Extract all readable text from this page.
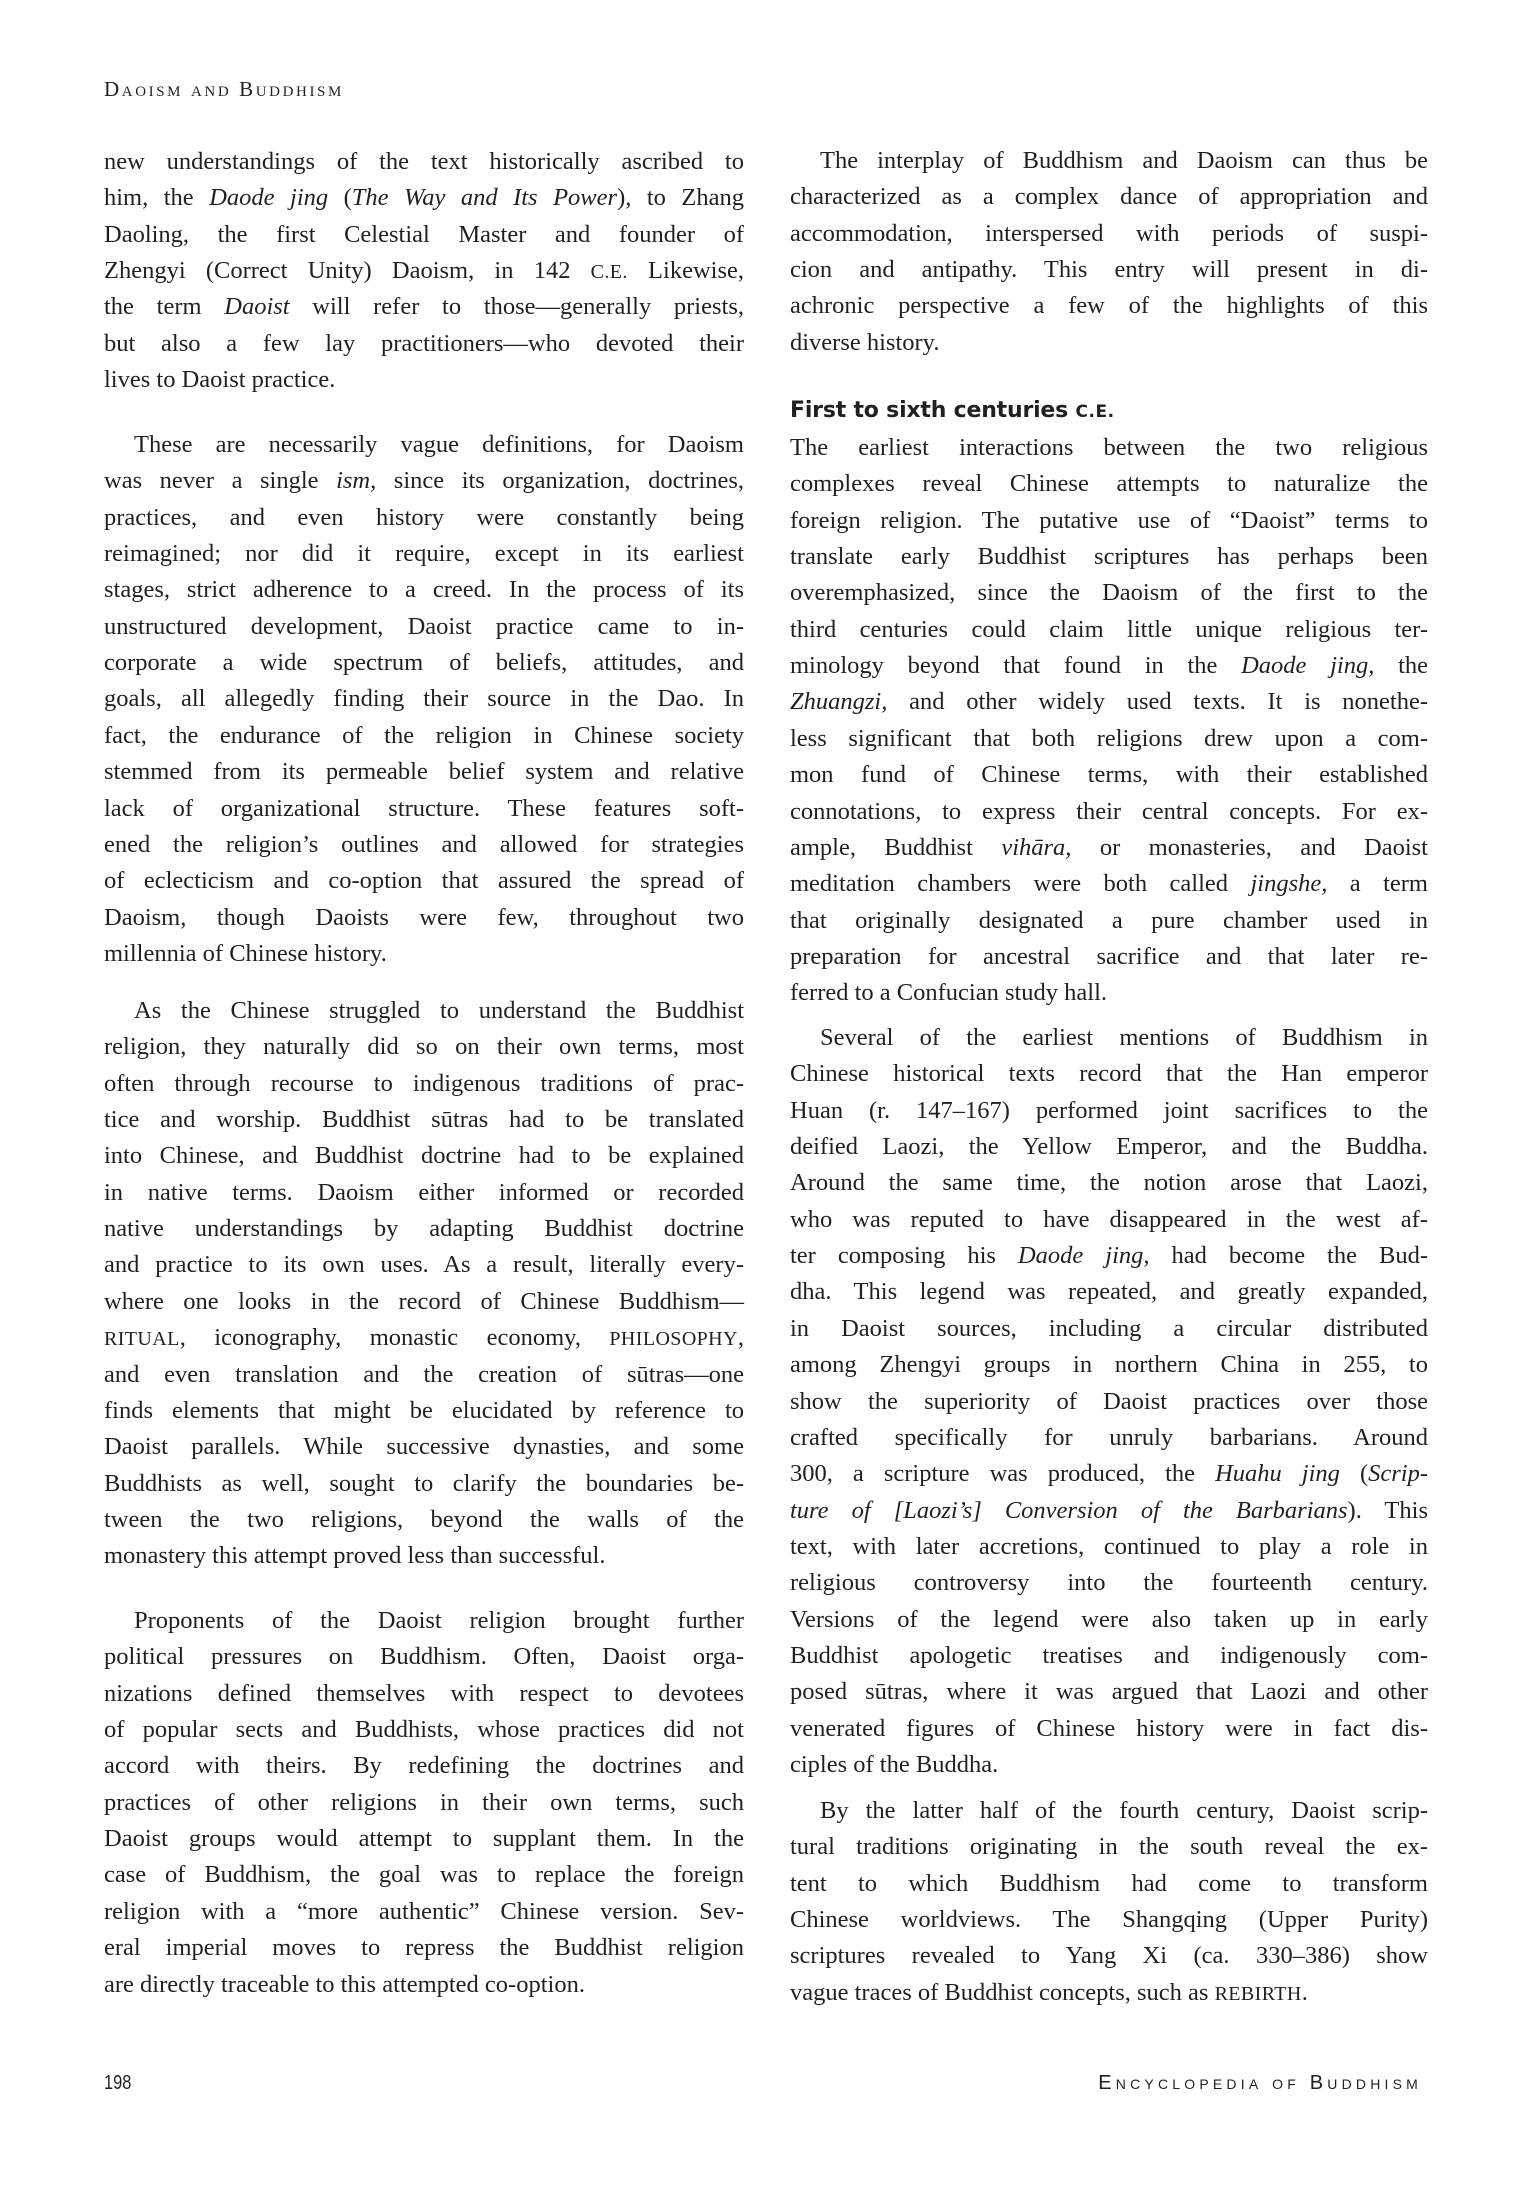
Daoism and Buddhism
new understandings of the text historically ascribed to
him, the Daode jing (The Way and Its Power), to Zhang
Daoling, the first Celestial Master and founder of
Zhengyi (Correct Unity) Daoism, in 142 C.E. Likewise,
the term Daoist will refer to those—generally priests,
but also a few lay practitioners—who devoted their
lives to Daoist practice.
These are necessarily vague definitions, for Daoism
was never a single ism, since its organization, doctrines,
practices, and even history were constantly being
reimagined; nor did it require, except in its earliest
stages, strict adherence to a creed. In the process of its
unstructured development, Daoist practice came to in-
corporate a wide spectrum of beliefs, attitudes, and
goals, all allegedly finding their source in the Dao. In
fact, the endurance of the religion in Chinese society
stemmed from its permeable belief system and relative
lack of organizational structure. These features soft-
ened the religion’s outlines and allowed for strategies
of eclecticism and co-option that assured the spread of
Daoism, though Daoists were few, throughout two
millennia of Chinese history.
As the Chinese struggled to understand the Buddhist
religion, they naturally did so on their own terms, most
often through recourse to indigenous traditions of prac-
tice and worship. Buddhist sūtras had to be translated
into Chinese, and Buddhist doctrine had to be explained
in native terms. Daoism either informed or recorded
native understandings by adapting Buddhist doctrine
and practice to its own uses. As a result, literally every-
where one looks in the record of Chinese Buddhism—
RITUAL, iconography, monastic economy, PHILOSOPHY,
and even translation and the creation of sūtras—one
finds elements that might be elucidated by reference to
Daoist parallels. While successive dynasties, and some
Buddhists as well, sought to clarify the boundaries be-
tween the two religions, beyond the walls of the
monastery this attempt proved less than successful.
Proponents of the Daoist religion brought further
political pressures on Buddhism. Often, Daoist orga-
nizations defined themselves with respect to devotees
of popular sects and Buddhists, whose practices did not
accord with theirs. By redefining the doctrines and
practices of other religions in their own terms, such
Daoist groups would attempt to supplant them. In the
case of Buddhism, the goal was to replace the foreign
religion with a “more authentic” Chinese version. Sev-
eral imperial moves to repress the Buddhist religion
are directly traceable to this attempted co-option.
First to sixth centuries C.E.
The interplay of Buddhism and Daoism can thus be
characterized as a complex dance of appropriation and
accommodation, interspersed with periods of suspi-
cion and antipathy. This entry will present in di-
achronic perspective a few of the highlights of this
diverse history.
The earliest interactions between the two religious
complexes reveal Chinese attempts to naturalize the
foreign religion. The putative use of “Daoist” terms to
translate early Buddhist scriptures has perhaps been
overemphasized, since the Daoism of the first to the
third centuries could claim little unique religious ter-
minology beyond that found in the Daode jing, the
Zhuangzi, and other widely used texts. It is nonethe-
less significant that both religions drew upon a com-
mon fund of Chinese terms, with their established
connotations, to express their central concepts. For ex-
ample, Buddhist vihāra, or monasteries, and Daoist
meditation chambers were both called jingshe, a term
that originally designated a pure chamber used in
preparation for ancestral sacrifice and that later re-
ferred to a Confucian study hall.
Several of the earliest mentions of Buddhism in
Chinese historical texts record that the Han emperor
Huan (r. 147–167) performed joint sacrifices to the
deified Laozi, the Yellow Emperor, and the Buddha.
Around the same time, the notion arose that Laozi,
who was reputed to have disappeared in the west af-
ter composing his Daode jing, had become the Bud-
dha. This legend was repeated, and greatly expanded,
in Daoist sources, including a circular distributed
among Zhengyi groups in northern China in 255, to
show the superiority of Daoist practices over those
crafted specifically for unruly barbarians. Around
300, a scripture was produced, the Huahu jing (Scrip-
ture of [Laozi’s] Conversion of the Barbarians). This
text, with later accretions, continued to play a role in
religious controversy into the fourteenth century.
Versions of the legend were also taken up in early
Buddhist apologetic treatises and indigenously com-
posed sūtras, where it was argued that Laozi and other
venerated figures of Chinese history were in fact dis-
ciples of the Buddha.
By the latter half of the fourth century, Daoist scrip-
tural traditions originating in the south reveal the ex-
tent to which Buddhism had come to transform
Chinese worldviews. The Shangqing (Upper Purity)
scriptures revealed to Yang Xi (ca. 330–386) show
vague traces of Buddhist concepts, such as REBIRTH.
198	Encyclopedia of Buddhism
